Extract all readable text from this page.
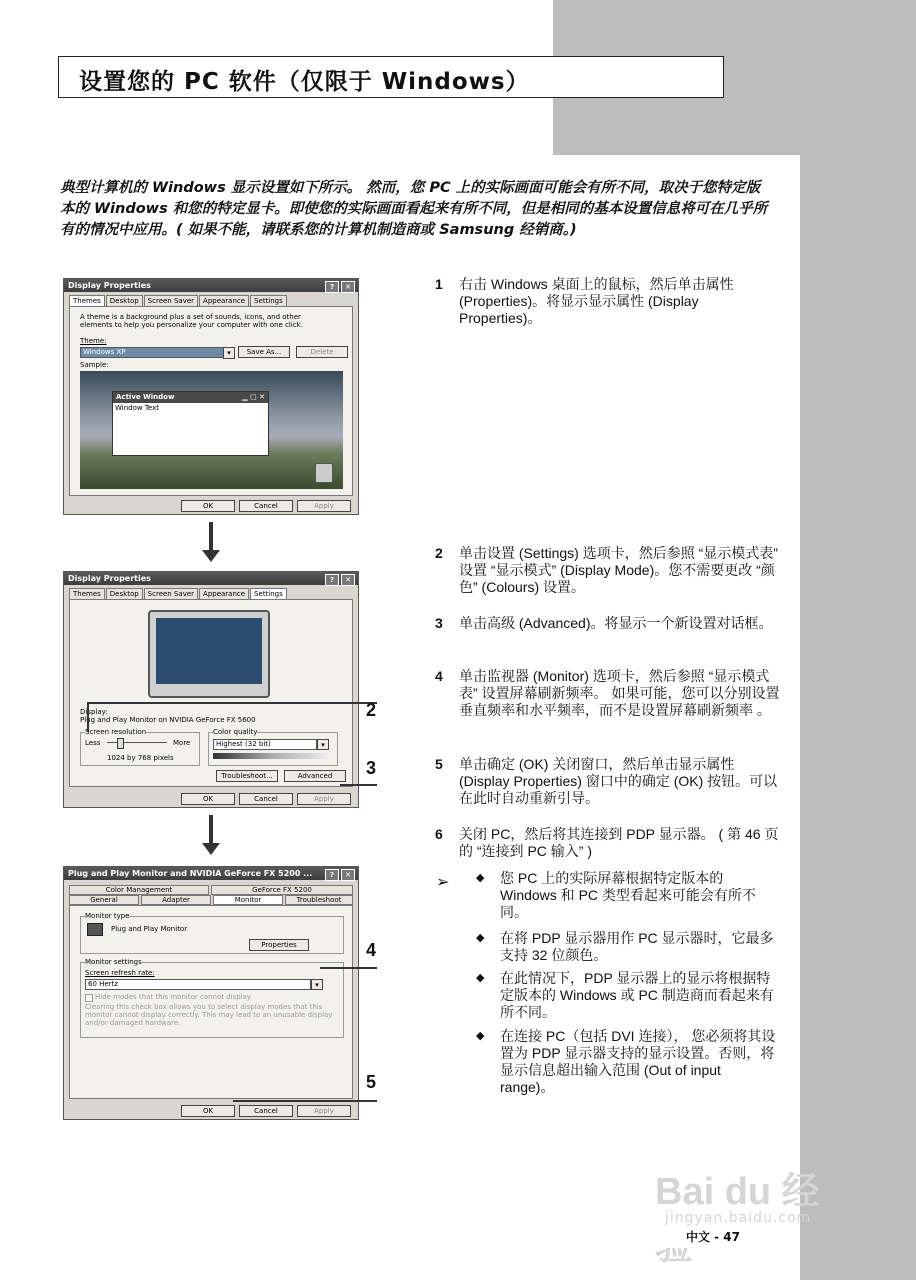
设置您的 PC 软件（仅限于 Windows）

典型计算机的 Windows 显示设置如下所示。 然而，您 PC 上的实际画面可能会有所不同，取决于您特定版本的 Windows 和您的特定显卡。即使您的实际画面看起来有所不同，但是相同的基本设置信息将可在几乎所有的情况中应用。( 如果不能，请联系您的计算机制造商或 Samsung 经销商。)

Display Properties	? ✕
Themes Desktop Screen Saver Appearance Settings
A theme is a background plus a set of sounds, icons, and other elements to help you personalize your computer with one click.
Theme:
Windows XP	▾	Save As...	Delete
Sample:
Active Window	▁ ▢ ✕
Window Text
OK	Cancel	Apply
Display Properties	? ✕
Themes Desktop Screen Saver Appearance Settings
Display:
Plug and Play Monitor on NVIDIA GeForce FX 5600
Screen resolution
Less	More
1024 by 768 pixels
Color quality
Highest (32 bit)	▾
Troubleshoot...	Advanced
OK	Cancel	Apply
Plug and Play Monitor and NVIDIA GeForce FX 5200 ...	? ✕
Color Management	GeForce FX 5200
General	Adapter	Monitor	Troubleshoot
Monitor type
Plug and Play Monitor
Properties
Monitor settings
Screen refresh rate:
60 Hertz	▾
Hide modes that this monitor cannot display
Clearing this check box allows you to select display modes that this monitor cannot display correctly. This may lead to an unusable display and/or damaged hardware.
OK	Cancel	Apply
2
3
4
5
1 右击 Windows 桌面上的鼠标，然后单击属性 (Properties)。将显示显示属性 (Display Properties)。
2 单击设置 (Settings) 选项卡，然后参照 “显示模式表” 设置 “显示模式” (Display Mode)。您不需要更改 “颜色” (Colours) 设置。
3 单击高级 (Advanced)。将显示一个新设置对话框。
4 单击监视器 (Monitor) 选项卡，然后参照 “显示模式表” 设置屏幕刷新频率。 如果可能，您可以分别设置垂直频率和水平频率，而不是设置屏幕刷新频率 。
5 单击确定 (OK) 关闭窗口，然后单击显示属性 (Display Properties) 窗口中的确定 (OK) 按钮。可以在此时自动重新引导。
6 关闭 PC，然后将其连接到 PDP 显示器。 ( 第 46 页的 “连接到 PC 输入” )
➢ ◆ 您 PC 上的实际屏幕根据特定版本的 Windows 和 PC 类型看起来可能会有所不同。
◆ 在将 PDP 显示器用作 PC 显示器时，它最多支持 32 位颜色。
◆ 在此情况下，PDP 显示器上的显示将根据特定版本的 Windows 或 PC 制造商而看起来有所不同。
◆ 在连接 PC（包括 DVI 连接）， 您必须将其设置为 PDP 显示器支持的显示设置。否则，将显示信息超出输入范围 (Out of input range)。
Bai du 经
jingyan.baidu.com
中文 - 47
